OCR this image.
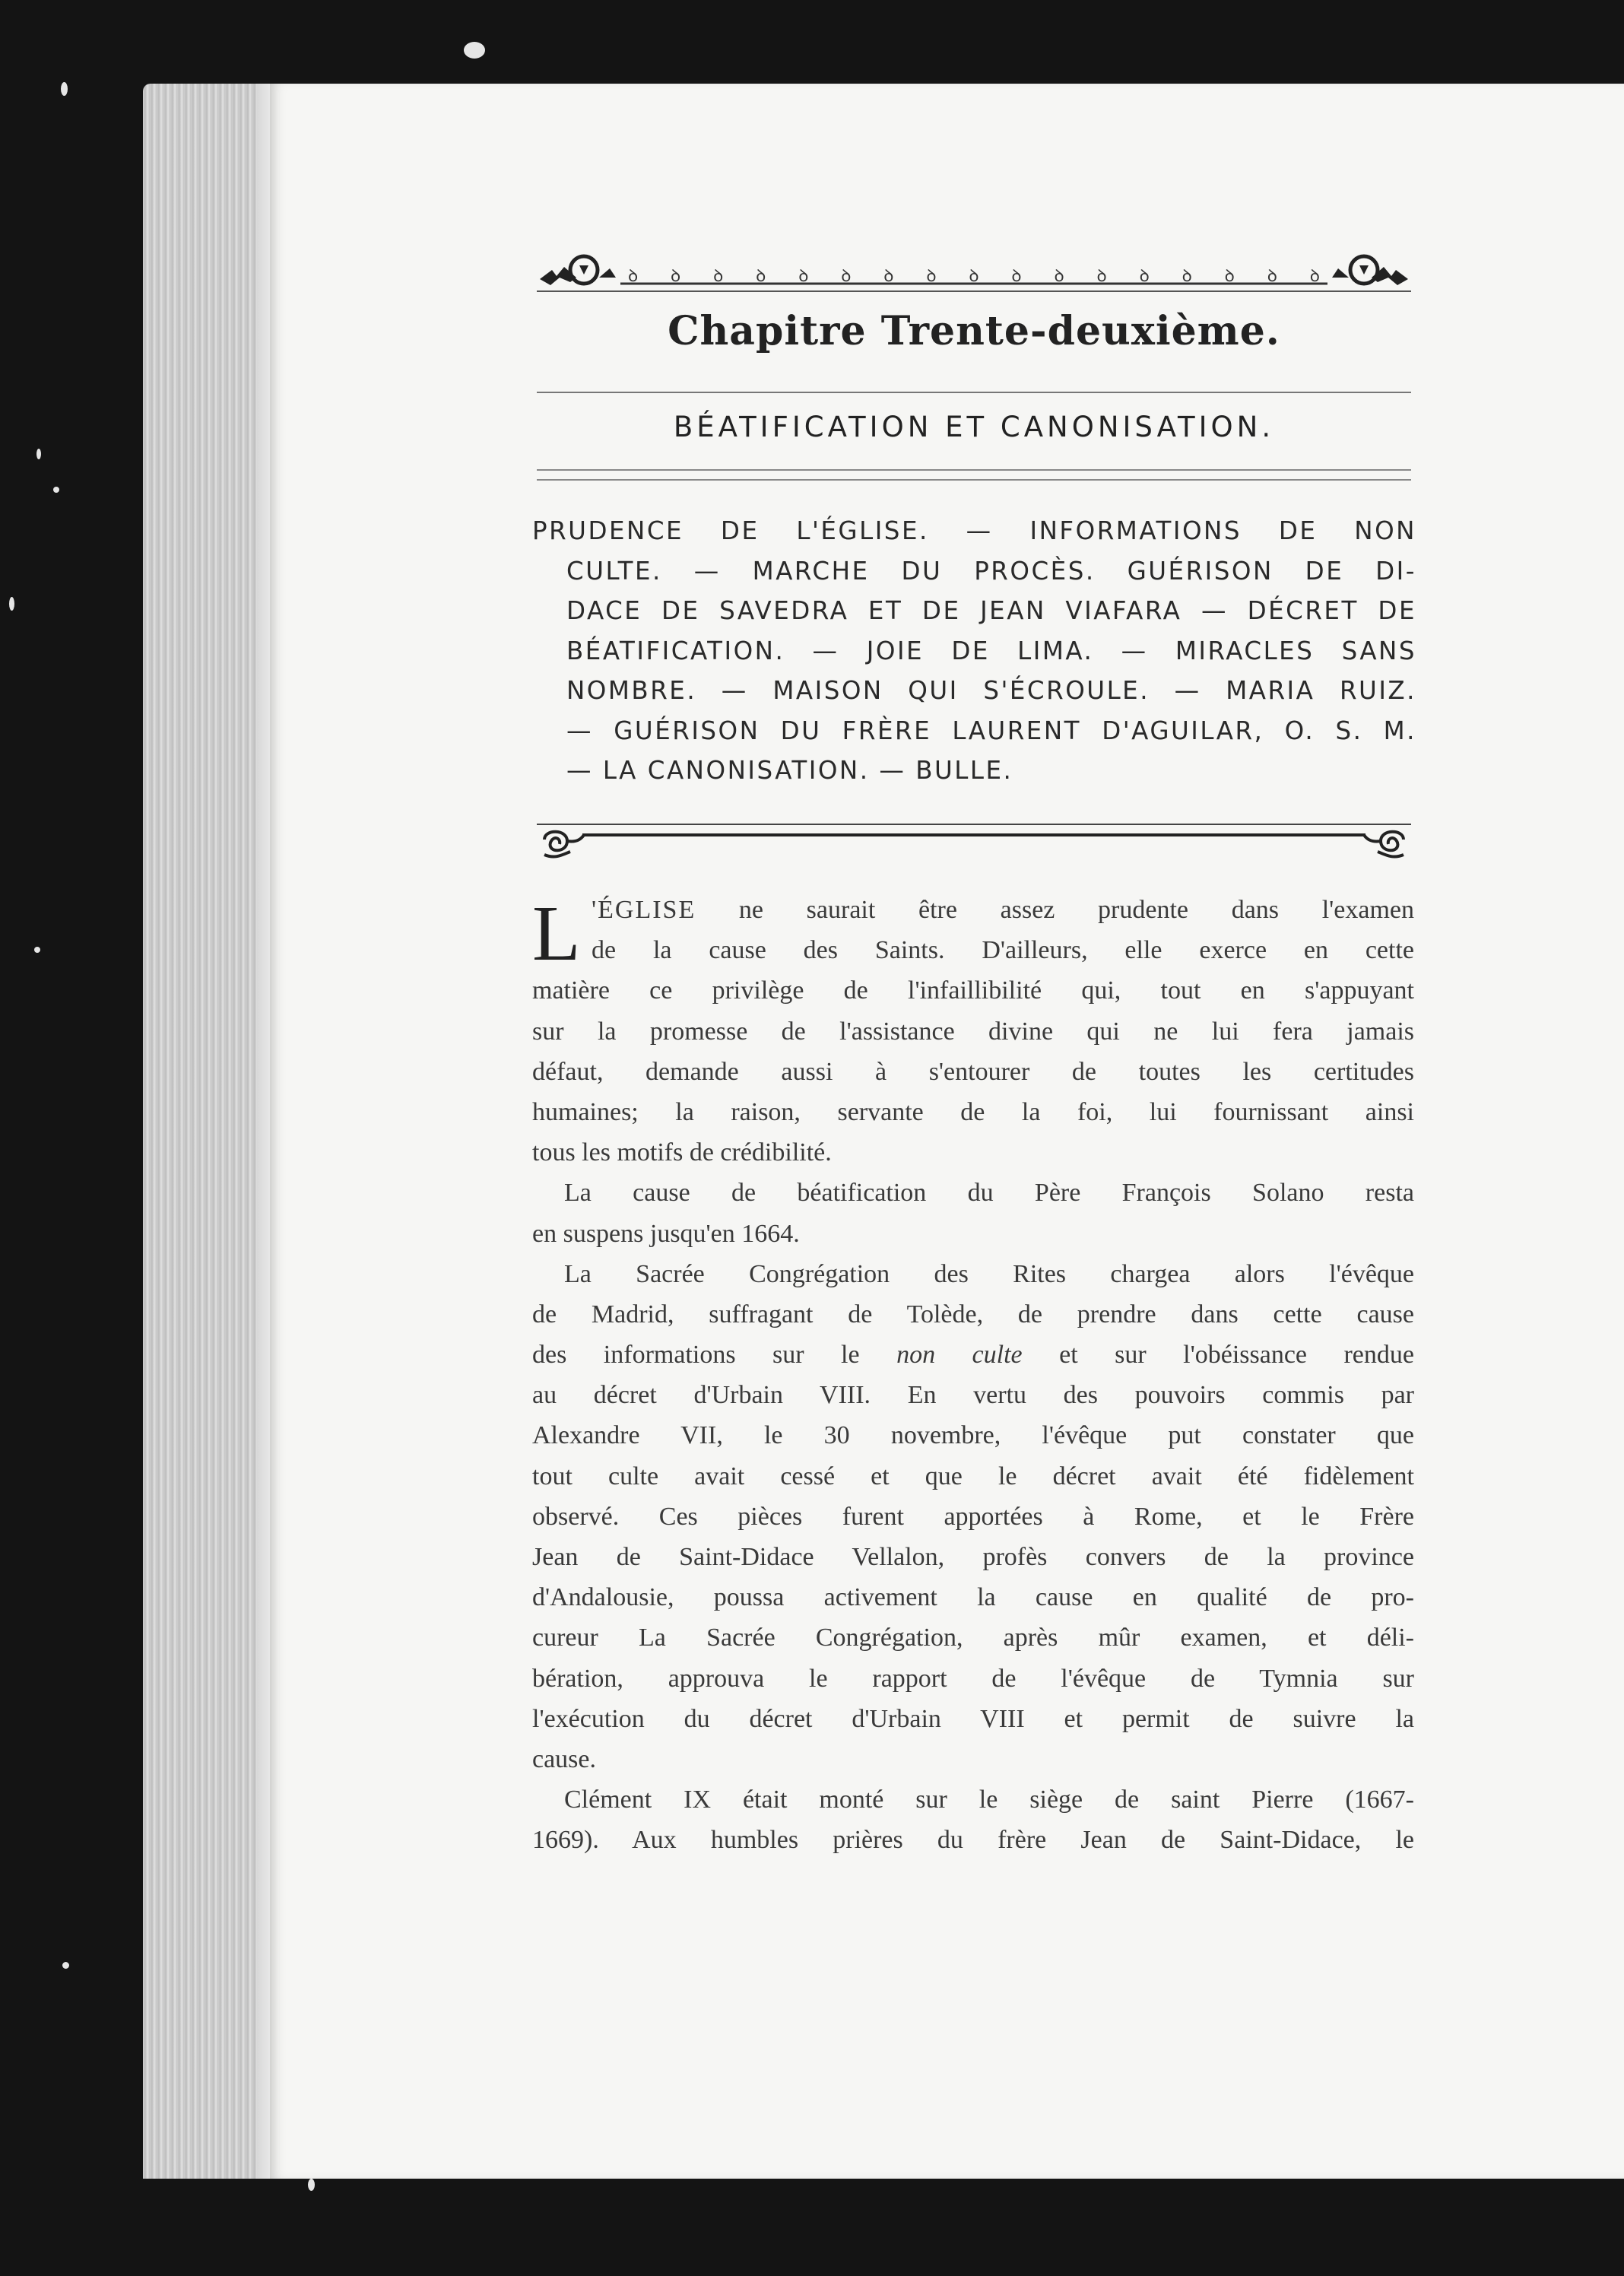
ꝺ ꝺ ꝺ ꝺ ꝺ ꝺ ꝺ ꝺ ꝺ ꝺ ꝺ ꝺ ꝺ ꝺ ꝺ ꝺ ꝺ
Chapitre Trente-deuxième.
BÉATIFICATION ET CANONISATION.
PRUDENCE DE L'ÉGLISE. — INFORMATIONS DE NON
CULTE. — MARCHE DU PROCÈS. GUÉRISON DE DI-
DACE DE SAVEDRA ET DE JEAN VIAFARA — DÉCRET DE
BÉATIFICATION. — JOIE DE LIMA. — MIRACLES SANS
NOMBRE. — MAISON QUI S'ÉCROULE. — MARIA RUIZ.
— GUÉRISON DU FRÈRE LAURENT D'AGUILAR, O. S. M.
— LA CANONISATION. — BULLE.
L 'ÉGLISE ne saurait être assez prudente dans l'examen
de la cause des Saints. D'ailleurs, elle exerce en cette
matière ce privilège de l'infaillibilité qui, tout en s'appuyant
sur la promesse de l'assistance divine qui ne lui fera jamais
défaut, demande aussi à s'entourer de toutes les certitudes
humaines; la raison, servante de la foi, lui fournissant ainsi
tous les motifs de crédibilité.
La cause de béatification du Père François Solano resta
en suspens jusqu'en 1664.
La Sacrée Congrégation des Rites chargea alors l'évêque
de Madrid, suffragant de Tolède, de prendre dans cette cause
des informations sur le non culte et sur l'obéissance rendue
au décret d'Urbain VIII. En vertu des pouvoirs commis par
Alexandre VII, le 30 novembre, l'évêque put constater que
tout culte avait cessé et que le décret avait été fidèlement
observé. Ces pièces furent apportées à Rome, et le Frère
Jean de Saint-Didace Vellalon, profès convers de la province
d'Andalousie, poussa activement la cause en qualité de pro-
cureur La Sacrée Congrégation, après mûr examen, et déli-
bération, approuva le rapport de l'évêque de Tymnia sur
l'exécution du décret d'Urbain VIII et permit de suivre la
cause.
Clément IX était monté sur le siège de saint Pierre (1667-
1669). Aux humbles prières du frère Jean de Saint-Didace, le
